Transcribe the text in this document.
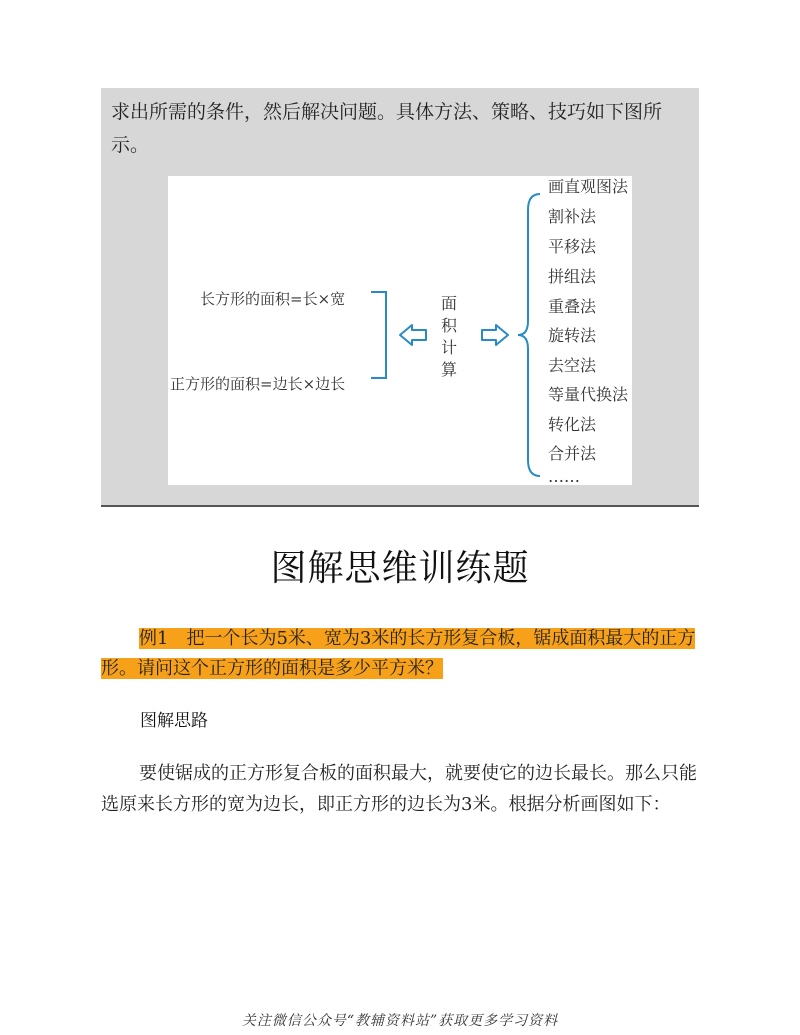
求出所需的条件，然后解决问题。具体方法、策略、技巧如下图所示。

长方形的面积=长×宽
正方形的面积=边长×边长
面
积
计
算
画直观图法
割补法
平移法
拼组法
重叠法
旋转法
去空法
等量代换法
转化法
合并法
……
图解思维训练题

例1　把一个长为5米、宽为3米的长方形复合板，锯成面积最大的正方形。请问这个正方形的面积是多少平方米？

图解思路

要使锯成的正方形复合板的面积最大，就要使它的边长最长。那么只能选原来长方形的宽为边长，即正方形的边长为3米。根据分析画图如下：

关注微信公众号“教辅资料站”获取更多学习资料
